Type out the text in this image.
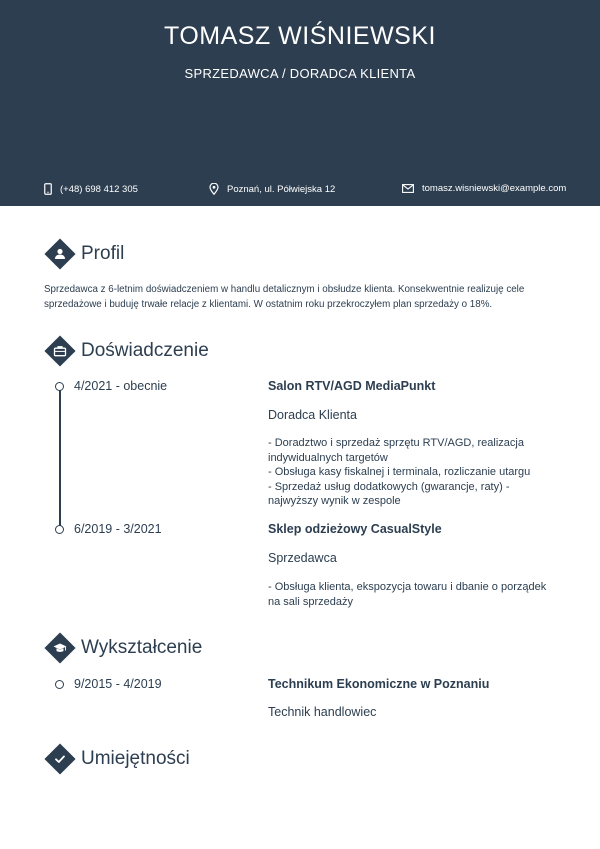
TOMASZ WIŚNIEWSKI
SPRZEDAWCA / DORADCA KLIENTA
(+48) 698 412 305	Poznań, ul. Półwiejska 12	tomasz.wisniewski@example.com
Profil
Sprzedawca z 6-letnim doświadczeniem w handlu detalicznym i obsłudze klienta. Konsekwentnie realizuję cele sprzedażowe i buduję trwałe relacje z klientami. W ostatnim roku przekroczyłem plan sprzedaży o 18%.
Doświadczenie
4/2021 - obecnie	Salon RTV/AGD MediaPunkt
Doradca Klienta
- Doradztwo i sprzedaż sprzętu RTV/AGD, realizacja indywidualnych targetów
- Obsługa kasy fiskalnej i terminala, rozliczanie utargu
- Sprzedaż usług dodatkowych (gwarancje, raty) - najwyższy wynik w zespole
6/2019 - 3/2021	Sklep odzieżowy CasualStyle
Sprzedawca
- Obsługa klienta, ekspozycja towaru i dbanie o porządek na sali sprzedaży
Wykształcenie
9/2015 - 4/2019	Technikum Ekonomiczne w Poznaniu
Technik handlowiec
Umiejętności
